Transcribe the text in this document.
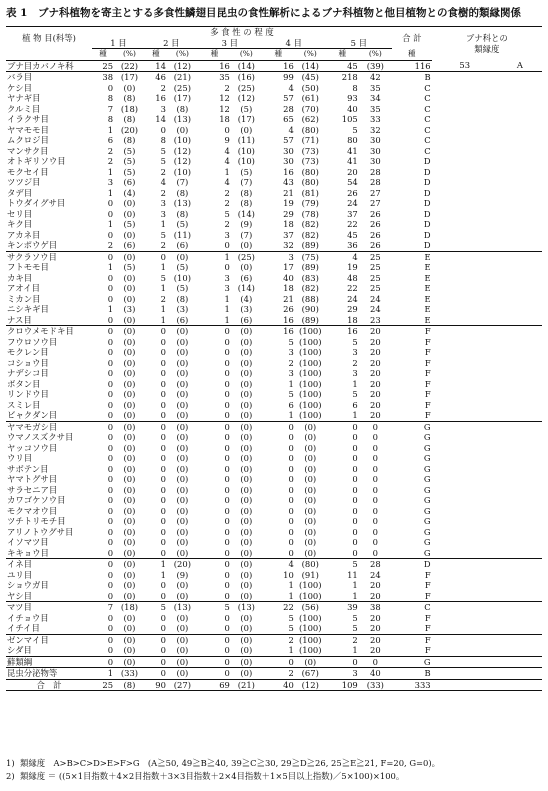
表 1　ブナ科植物を寄主とする多食性鱗翅目昆虫の食性解析によるブナ科植物と他目植物との食樹的類縁関係
植 物 目(科等)	多 食 性 の 程 度										合 計	ブナ科との
類縁度	

	1 目		2 目		3 目		4 目		5 目				
	種	(%)	種	(%)	種	(%)	種	(%)	種	(%)	種		
ブナ目カバノキ科	25	(22)	14	(12)	16	(14)	16	(14)	45	(39)	116	53	A
バラ目	38	(17)	46	(21)	35	(16)	99	(45)	218	42	B		
ケシ目	0	(0)	2	(25)	2	(25)	4	(50)	8	35	C		
ヤナギ目	8	(8)	16	(17)	12	(12)	57	(61)	93	34	C		
クルミ目	7	(18)	3	(8)	12	(5)	28	(70)	40	35	C		
イラクサ目	8	(8)	14	(13)	18	(17)	65	(62)	105	33	C		
ヤマモモ目	1	(20)	0	(0)	0	(0)	4	(80)	5	32	C		
ムクロジ目	6	(8)	8	(10)	9	(11)	57	(71)	80	30	C		
マンサク目	2	(5)	5	(12)	4	(10)	30	(73)	41	30	C		
オトギリソウ目	2	(5)	5	(12)	4	(10)	30	(73)	41	30	D		
モクセイ目	1	(5)	2	(10)	1	(5)	16	(80)	20	28	D		
ツツジ目	3	(6)	4	(7)	4	(7)	43	(80)	54	28	D		
タデ目	1	(4)	2	(8)	2	(8)	21	(81)	26	27	D		
トウダイグサ目	0	(0)	3	(13)	2	(8)	19	(79)	24	27	D		
セリ目	0	(0)	3	(8)	5	(14)	29	(78)	37	26	D		
キク目	1	(5)	1	(5)	2	(9)	18	(82)	22	26	D		
アカネ目	0	(0)	5	(11)	3	(7)	37	(82)	45	26	D		
キンポウゲ目	2	(6)	2	(6)	0	(0)	32	(89)	36	26	D		
サクラソウ目	0	(0)	0	(0)	1	(25)	3	(75)	4	25	E		
フトモモ目	1	(5)	1	(5)	0	(0)	17	(89)	19	25	E		
カキ目	0	(0)	5	(10)	3	(6)	40	(83)	48	25	E		
アオイ目	0	(0)	1	(5)	3	(14)	18	(82)	22	25	E		
ミカン目	0	(0)	2	(8)	1	(4)	21	(88)	24	24	E		
ニシキギ目	1	(3)	1	(3)	1	(3)	26	(90)	29	24	E		
ナス目	0	(0)	1	(6)	1	(6)	16	(89)	18	23	E		
クロウメモドキ目	0	(0)	0	(0)	0	(0)	16	(100)	16	20	F		
フウロソウ目	0	(0)	0	(0)	0	(0)	5	(100)	5	20	F		
モクレン目	0	(0)	0	(0)	0	(0)	3	(100)	3	20	F		
コショウ目	0	(0)	0	(0)	0	(0)	2	(100)	2	20	F		
ナデシコ目	0	(0)	0	(0)	0	(0)	3	(100)	3	20	F		
ボタン目	0	(0)	0	(0)	0	(0)	1	(100)	1	20	F		
リンドウ目	0	(0)	0	(0)	0	(0)	5	(100)	5	20	F		
スミレ目	0	(0)	0	(0)	0	(0)	6	(100)	6	20	F		
ビャクダン目	0	(0)	0	(0)	0	(0)	1	(100)	1	20	F		
ヤマモガシ目	0	(0)	0	(0)	0	(0)	0	(0)	0	0	G		
ウマノスズクサ目	0	(0)	0	(0)	0	(0)	0	(0)	0	0	G		
ヤッコソウ目	0	(0)	0	(0)	0	(0)	0	(0)	0	0	G		
ウリ目	0	(0)	0	(0)	0	(0)	0	(0)	0	0	G		
サボテン目	0	(0)	0	(0)	0	(0)	0	(0)	0	0	G		
ヤマトグサ目	0	(0)	0	(0)	0	(0)	0	(0)	0	0	G		
サラセニア目	0	(0)	0	(0)	0	(0)	0	(0)	0	0	G		
カワゴケソウ目	0	(0)	0	(0)	0	(0)	0	(0)	0	0	G		
モクマオウ目	0	(0)	0	(0)	0	(0)	0	(0)	0	0	G		
ツチトリモチ目	0	(0)	0	(0)	0	(0)	0	(0)	0	0	G		
アリノトウグサ目	0	(0)	0	(0)	0	(0)	0	(0)	0	0	G		
イソマツ目	0	(0)	0	(0)	0	(0)	0	(0)	0	0	G		
キキョウ目	0	(0)	0	(0)	0	(0)	0	(0)	0	0	G		
イネ目	0	(0)	1	(20)	0	(0)	4	(80)	5	28	D		
ユリ目	0	(0)	1	(9)	0	(0)	10	(91)	11	24	F		
ショウガ目	0	(0)	0	(0)	0	(0)	1	(100)	1	20	F		
ヤシ目	0	(0)	0	(0)	0	(0)	1	(100)	1	20	F		
マツ目	7	(18)	5	(13)	5	(13)	22	(56)	39	38	C		
イチョウ目	0	(0)	0	(0)	0	(0)	5	(100)	5	20	F		
イチイ目	0	(0)	0	(0)	0	(0)	5	(100)	5	20	F		
ゼンマイ目	0	(0)	0	(0)	0	(0)	2	(100)	2	20	F		
シダ目	0	(0)	0	(0)	0	(0)	1	(100)	1	20	F		
蘚類綱	0	(0)	0	(0)	0	(0)	0	(0)	0	0	G		
昆虫分泌物等	1	(33)	0	(0)	0	(0)	2	(67)	3	40	B		
合　計	25	(8)	90	(27)	69	(21)	40	(12)	109	(33)	333		
1) 類縁度　A>B>C>D>E>F>G　(A≧50, 49≧B≧40, 39≧C≧30, 29≧D≧26, 25≧E≧21, F=20, G=0)。
2) 類縁度 ＝ ((5×1目指数＋4×2目指数＋3×3目指数＋2×4目指数＋1×5目以上指数)／5×100)×100。
